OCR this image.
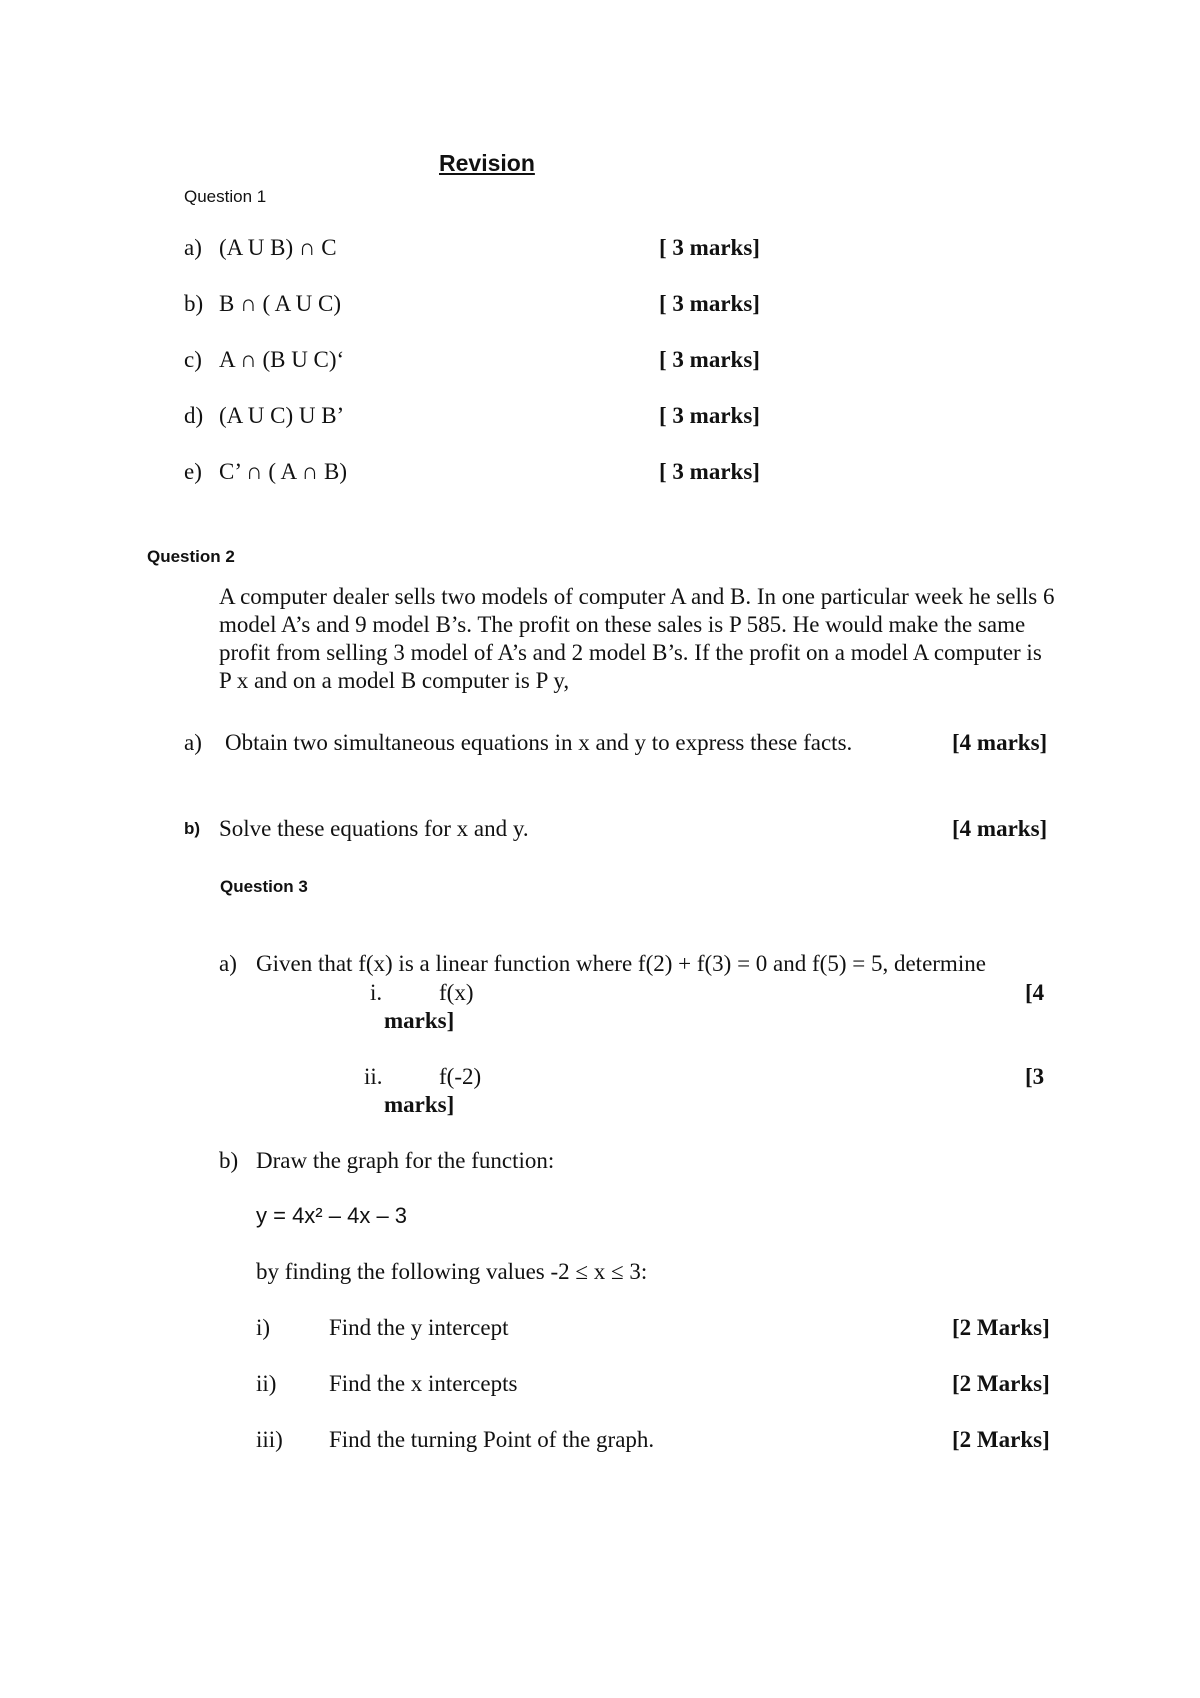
Revision
Question 1
a) (A U B) ∩ C	[ 3 marks]
b) B ∩ ( A U C)	[ 3 marks]
c) A ∩ (B U C)‘	[ 3 marks]
d) (A U C) U B’	[ 3 marks]
e) C’ ∩ ( A ∩ B)	[ 3 marks]
Question 2
A computer dealer sells two models of computer A and B. In one particular week he sells 6 model A’s and 9 model B’s. The profit on these sales is P 585. He would make the same profit from selling 3 model of A’s and 2 model B’s. If the profit on a model A computer is P x and on a model B computer is P y,
a) Obtain two simultaneous equations in x and y to express these facts.	[4 marks]
b) Solve these equations for x and y.	[4 marks]
Question 3
a) Given that f(x) is a linear function where f(2) + f(3) = 0 and f(5) = 5, determine
i. f(x)	[4
marks]
ii. f(-2)	[3
marks]
b) Draw the graph for the function:
y = 4x² – 4x – 3
by finding the following values -2 ≤ x ≤ 3:
i)	Find the y intercept	[2 Marks]
ii) Find the x intercepts	[2 Marks]
iii) Find the turning Point of the graph.	[2 Marks]
